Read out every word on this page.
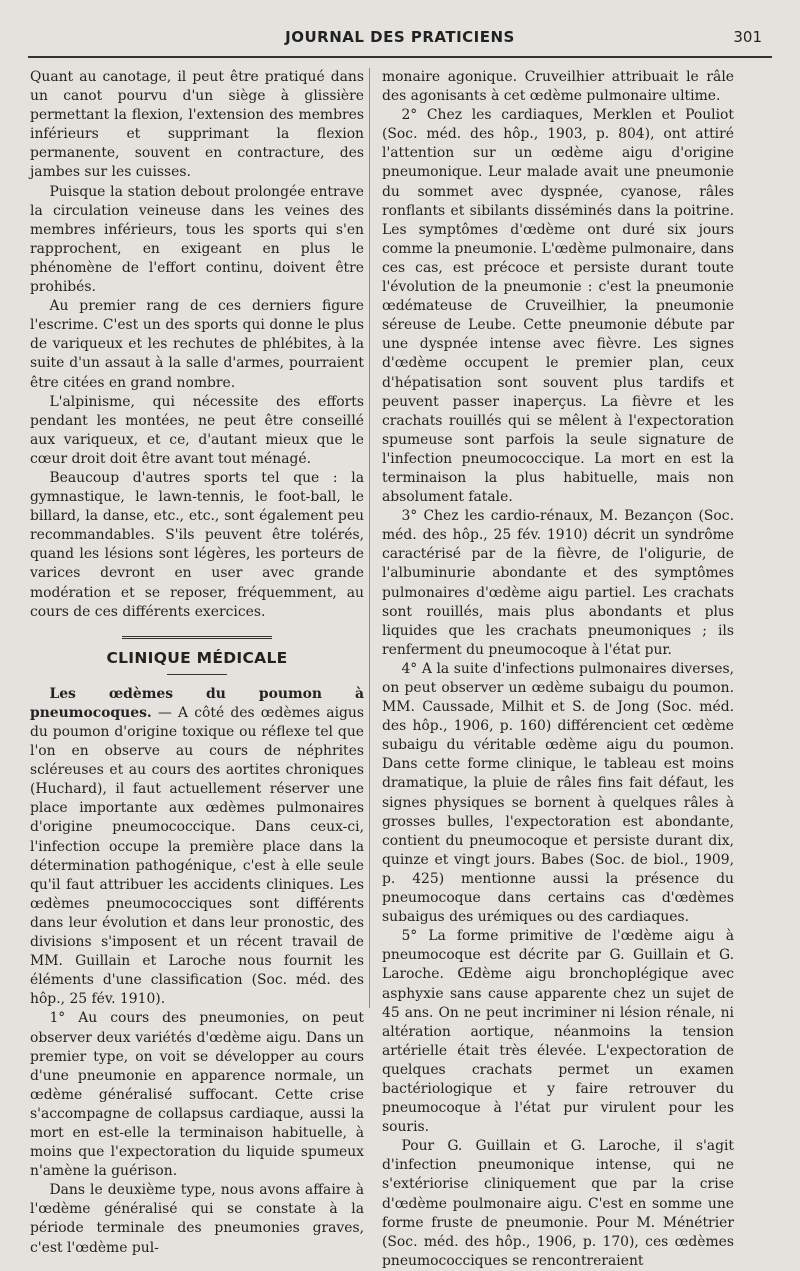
JOURNAL DES PRATICIENS	301

Quant au canotage, il peut être pratiqué dans un canot pourvu d'un siège à glissière permettant la flexion, l'extension des membres inférieurs et supprimant la flexion permanente, souvent en contracture, des jambes sur les cuisses.

Puisque la station debout prolongée entrave la circulation veineuse dans les veines des membres inférieurs, tous les sports qui s'en rapprochent, en exigeant en plus le phénomène de l'effort continu, doivent être prohibés.

Au premier rang de ces derniers figure l'escrime. C'est un des sports qui donne le plus de variqueux et les rechutes de phlébites, à la suite d'un assaut à la salle d'armes, pourraient être citées en grand nombre.

L'alpinisme, qui nécessite des efforts pendant les montées, ne peut être conseillé aux variqueux, et ce, d'autant mieux que le cœur droit doit être avant tout ménagé.

Beaucoup d'autres sports tel que : la gymnastique, le lawn-tennis, le foot-ball, le billard, la danse, etc., etc., sont également peu recommandables. S'ils peuvent être tolérés, quand les lésions sont légères, les porteurs de varices devront en user avec grande modération et se reposer, fréquemment, au cours de ces différents exercices.

CLINIQUE MÉDICALE

Les œdèmes du poumon à pneumocoques. — A côté des œdèmes aigus du poumon d'origine toxique ou réflexe tel que l'on en observe au cours de néphrites scléreuses et au cours des aortites chroniques (Huchard), il faut actuellement réserver une place importante aux œdèmes pulmonaires d'origine pneumococcique. Dans ceux-ci, l'infection occupe la première place dans la détermination pathogénique, c'est à elle seule qu'il faut attribuer les accidents cliniques. Les œdèmes pneumococciques sont différents dans leur évolution et dans leur pronostic, des divisions s'imposent et un récent travail de MM. Guillain et Laroche nous fournit les éléments d'une classification (Soc. méd. des hôp., 25 fév. 1910).

1° Au cours des pneumonies, on peut observer deux variétés d'œdème aigu. Dans un premier type, on voit se développer au cours d'une pneumonie en apparence normale, un œdème généralisé suffocant. Cette crise s'accompagne de collapsus cardiaque, aussi la mort en est-elle la terminaison habituelle, à moins que l'expectoration du liquide spumeux n'amène la guérison.

Dans le deuxième type, nous avons affaire à l'œdème généralisé qui se constate à la période terminale des pneumonies graves, c'est l'œdème pul-

monaire agonique. Cruveilhier attribuait le râle des agonisants à cet œdème pulmonaire ultime.

2° Chez les cardiaques, Merklen et Pouliot (Soc. méd. des hôp., 1903, p. 804), ont attiré l'attention sur un œdème aigu d'origine pneumonique. Leur malade avait une pneumonie du sommet avec dyspnée, cyanose, râles ronflants et sibilants disséminés dans la poitrine. Les symptômes d'œdème ont duré six jours comme la pneumonie. L'œdème pulmonaire, dans ces cas, est précoce et persiste durant toute l'évolution de la pneumonie : c'est la pneumonie œdémateuse de Cruveilhier, la pneumonie séreuse de Leube. Cette pneumonie débute par une dyspnée intense avec fièvre. Les signes d'œdème occupent le premier plan, ceux d'hépatisation sont souvent plus tardifs et peuvent passer inaperçus. La fièvre et les crachats rouillés qui se mêlent à l'expectoration spumeuse sont parfois la seule signature de l'infection pneumococcique. La mort en est la terminaison la plus habituelle, mais non absolument fatale.

3° Chez les cardio-rénaux, M. Bezançon (Soc. méd. des hôp., 25 fév. 1910) décrit un syndrôme caractérisé par de la fièvre, de l'oligurie, de l'albuminurie abondante et des symptômes pulmonaires d'œdème aigu partiel. Les crachats sont rouillés, mais plus abondants et plus liquides que les crachats pneumoniques ; ils renferment du pneumocoque à l'état pur.

4° A la suite d'infections pulmonaires diverses, on peut observer un œdème subaigu du poumon. MM. Caussade, Milhit et S. de Jong (Soc. méd. des hôp., 1906, p. 160) différencient cet œdème subaigu du véritable œdème aigu du poumon. Dans cette forme clinique, le tableau est moins dramatique, la pluie de râles fins fait défaut, les signes physiques se bornent à quelques râles à grosses bulles, l'expectoration est abondante, contient du pneumocoque et persiste durant dix, quinze et vingt jours. Babes (Soc. de biol., 1909, p. 425) mentionne aussi la présence du pneumocoque dans certains cas d'œdèmes subaigus des urémiques ou des cardiaques.

5° La forme primitive de l'œdème aigu à pneumocoque est décrite par G. Guillain et G. Laroche. Œdème aigu bronchoplégique avec asphyxie sans cause apparente chez un sujet de 45 ans. On ne peut incriminer ni lésion rénale, ni altération aortique, néanmoins la tension artérielle était très élevée. L'expectoration de quelques crachats permet un examen bactériologique et y faire retrouver du pneumocoque à l'état pur virulent pour les souris.

Pour G. Guillain et G. Laroche, il s'agit d'infection pneumonique intense, qui ne s'extériorise cliniquement que par la crise d'œdème poulmonaire aigu. C'est en somme une forme fruste de pneumonie. Pour M. Ménétrier (Soc. méd. des hôp., 1906, p. 170), ces œdèmes pneumococciques se rencontreraient
